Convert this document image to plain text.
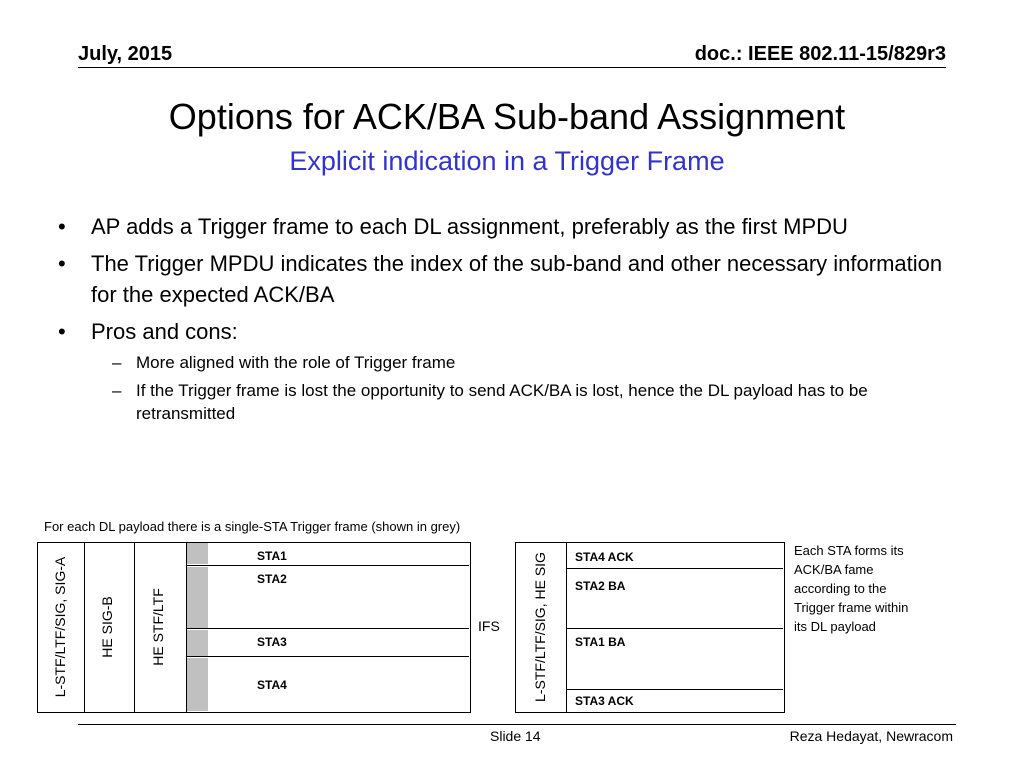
July, 2015	doc.: IEEE 802.11-15/829r3
Options for ACK/BA Sub-band Assignment
Explicit indication in a Trigger Frame
• AP adds a Trigger frame to each DL assignment, preferably as the first MPDU
• The Trigger MPDU indicates the index of the sub-band and other necessary information for the expected ACK/BA
• Pros and cons:
– More aligned with the role of Trigger frame
– If the Trigger frame is lost the opportunity to send ACK/BA is lost, hence the DL payload has to be retransmitted
For each DL payload there is a single-STA Trigger frame (shown in grey)
L-STF/LTF/SIG, SIG-A HE SIG-B	HE STF/LTF
STA1
STA2
STA3
STA4
IFS L-STF/LTF/SIG, HE SIG	STA4 ACK
STA2 BA
STA1 BA
STA3 ACK
Each STA forms its ACK/BA fame according to the Trigger frame within its DL payload
Slide 14	Reza Hedayat, Newracom
